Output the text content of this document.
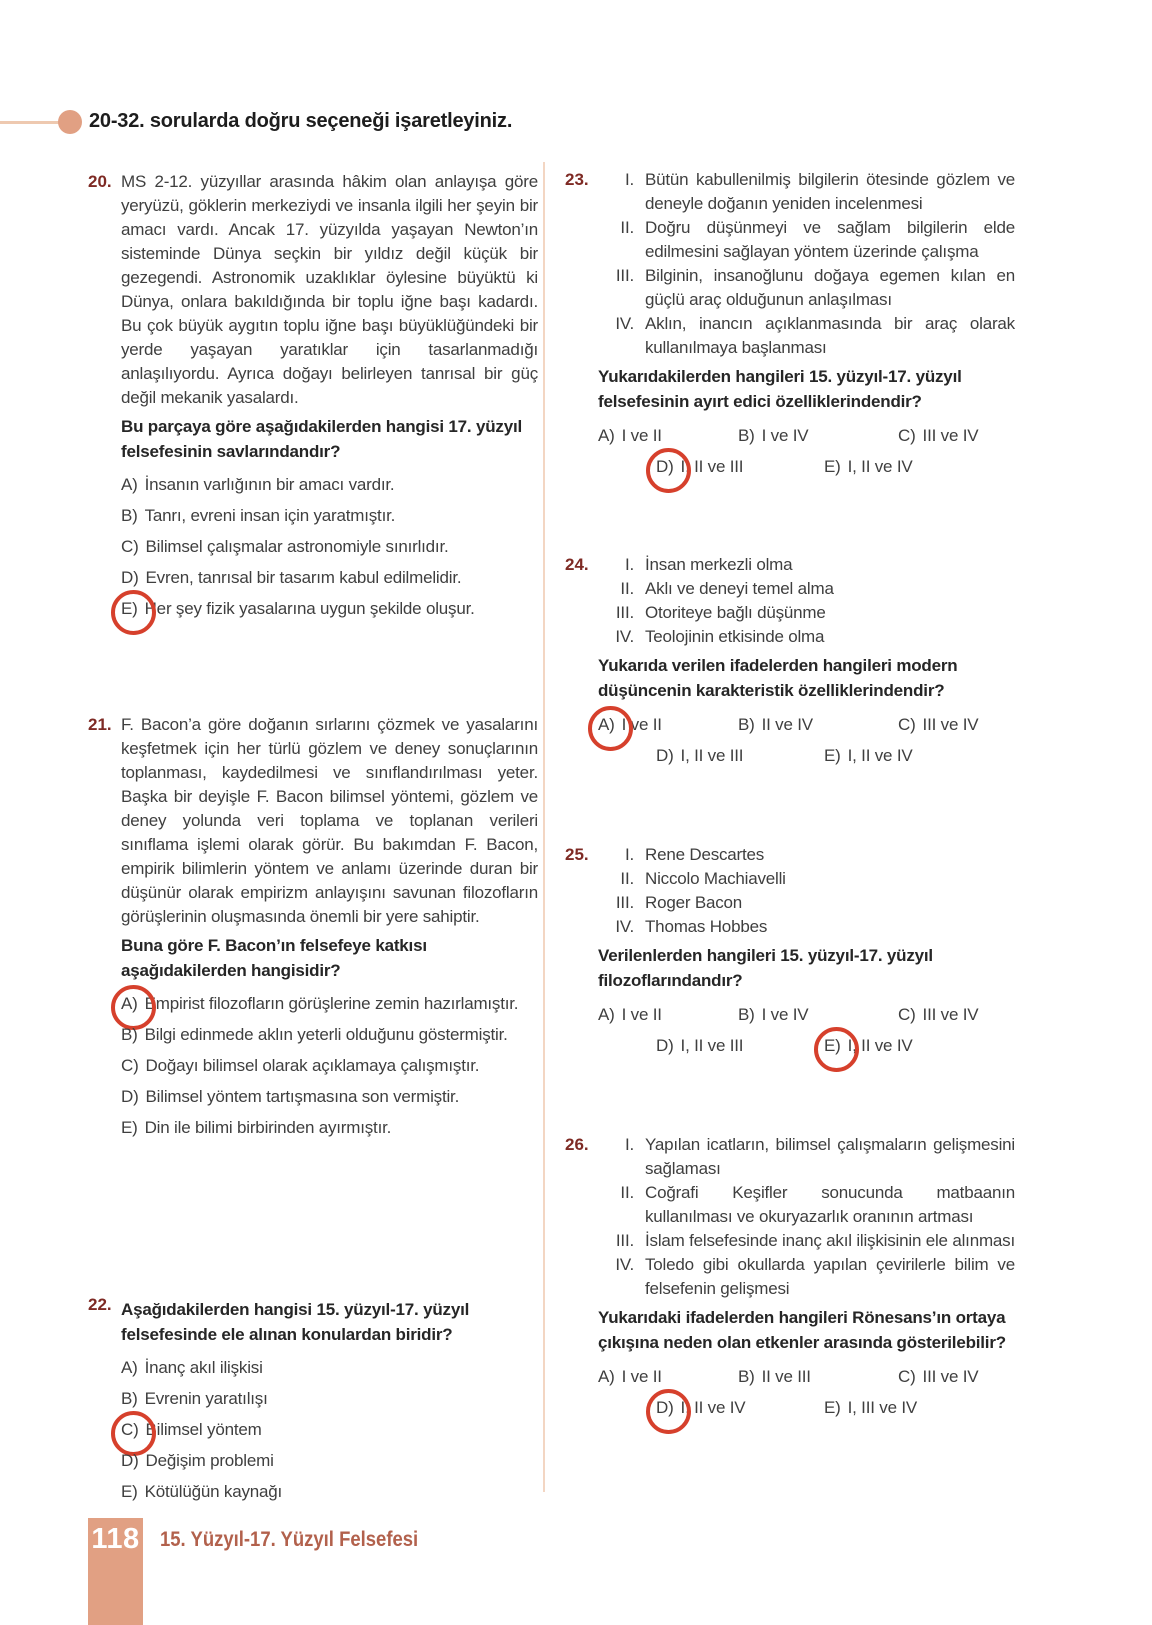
20-32. sorularda doğru seçeneği işaretleyiniz.
20. MS 2-12. yüzyıllar arasında hâkim olan anlayışa göre yeryüzü, göklerin merkeziydi ve insanla ilgili her şeyin bir amacı vardı. Ancak 17. yüzyılda yaşayan Newton’ın sisteminde Dünya seçkin bir yıldız değil küçük bir gezegendi. Astronomik uzaklıklar öylesine büyüktü ki Dünya, onlara bakıldığında bir toplu iğne başı kadardı. Bu çok büyük aygıtın toplu iğne başı büyüklüğündeki bir yerde yaşayan yaratıklar için tasarlanmadığı anlaşılıyordu. Ayrıca doğayı belirleyen tanrısal bir güç değil mekanik yasalardı.
Bu parçaya göre aşağıdakilerden hangisi 17. yüzyıl felsefesinin savlarındandır?
A) İnsanın varlığının bir amacı vardır.
B) Tanrı, evreni insan için yaratmıştır.
C) Bilimsel çalışmalar astronomiyle sınırlıdır.
D) Evren, tanrısal bir tasarım kabul edilmelidir.
E) Her şey fizik yasalarına uygun şekilde oluşur.
21. F. Bacon’a göre doğanın sırlarını çözmek ve yasalarını keşfetmek için her türlü gözlem ve deney sonuçlarının toplanması, kaydedilmesi ve sınıflandırılması yeter. Başka bir deyişle F. Bacon bilimsel yöntemi, gözlem ve deney yolunda veri toplama ve toplanan verileri sınıflama işlemi olarak görür. Bu bakımdan F. Bacon, empirik bilimlerin yöntem ve anlamı üzerinde duran bir düşünür olarak empirizm anlayışını savunan filozofların görüşlerinin oluşmasında önemli bir yere sahiptir.
Buna göre F. Bacon’ın felsefeye katkısı aşağıdakilerden hangisidir?
A) Empirist filozofların görüşlerine zemin hazırlamıştır.
B) Bilgi edinmede aklın yeterli olduğunu göstermiştir.
C) Doğayı bilimsel olarak açıklamaya çalışmıştır.
D) Bilimsel yöntem tartışmasına son vermiştir.
E) Din ile bilimi birbirinden ayırmıştır.
22. Aşağıdakilerden hangisi 15. yüzyıl-17. yüzyıl felsefesinde ele alınan konulardan biridir?
A) İnanç akıl ilişkisi
B) Evrenin yaratılışı
C) Bilimsel yöntem
D) Değişim problemi
E) Kötülüğün kaynağı
23.	I. Bütün kabullenilmiş bilgilerin ötesinde gözlem ve deneyle doğanın yeniden incelenmesi
II. Doğru düşünmeyi ve sağlam bilgilerin elde edilmesini sağlayan yöntem üzerinde çalışma
III. Bilginin, insanoğlunu doğaya egemen kılan en güçlü araç olduğunun anlaşılması
IV. Aklın, inancın açıklanmasında bir araç olarak kullanılmaya başlanması
Yukarıdakilerden hangileri 15. yüzyıl-17. yüzyıl felsefesinin ayırt edici özelliklerindendir?
A) I ve II	B) I ve IV	C) III ve IV
D) I, II ve III	E) I, II ve IV
24.	I. İnsan merkezli olma
II. Aklı ve deneyi temel alma
III. Otoriteye bağlı düşünme
IV. Teolojinin etkisinde olma
Yukarıda verilen ifadelerden hangileri modern düşüncenin karakteristik özelliklerindendir?
A) I ve II	B) II ve IV	C) III ve IV
D) I, II ve III	E) I, II ve IV
25.	I. Rene Descartes
II. Niccolo Machiavelli
III. Roger Bacon
IV. Thomas Hobbes
Verilenlerden hangileri 15. yüzyıl-17. yüzyıl filozoflarındandır?
A) I ve II	B) I ve IV	C) III ve IV
D) I, II ve III	E) I, II ve IV
26.	I. Yapılan icatların, bilimsel çalışmaların gelişmesini sağlaması
II. Coğrafi Keşifler sonucunda matbaanın kullanılması ve okuryazarlık oranının artması
III. İslam felsefesinde inanç akıl ilişkisinin ele alınması
IV. Toledo gibi okullarda yapılan çevirilerle bilim ve felsefenin gelişmesi
Yukarıdaki ifadelerden hangileri Rönesans’ın ortaya çıkışına neden olan etkenler arasında gösterilebilir?
A) I ve II	B) II ve III	C) III ve IV
D) I, II ve IV	E) I, III ve IV
118 15. Yüzyıl-17. Yüzyıl Felsefesi
